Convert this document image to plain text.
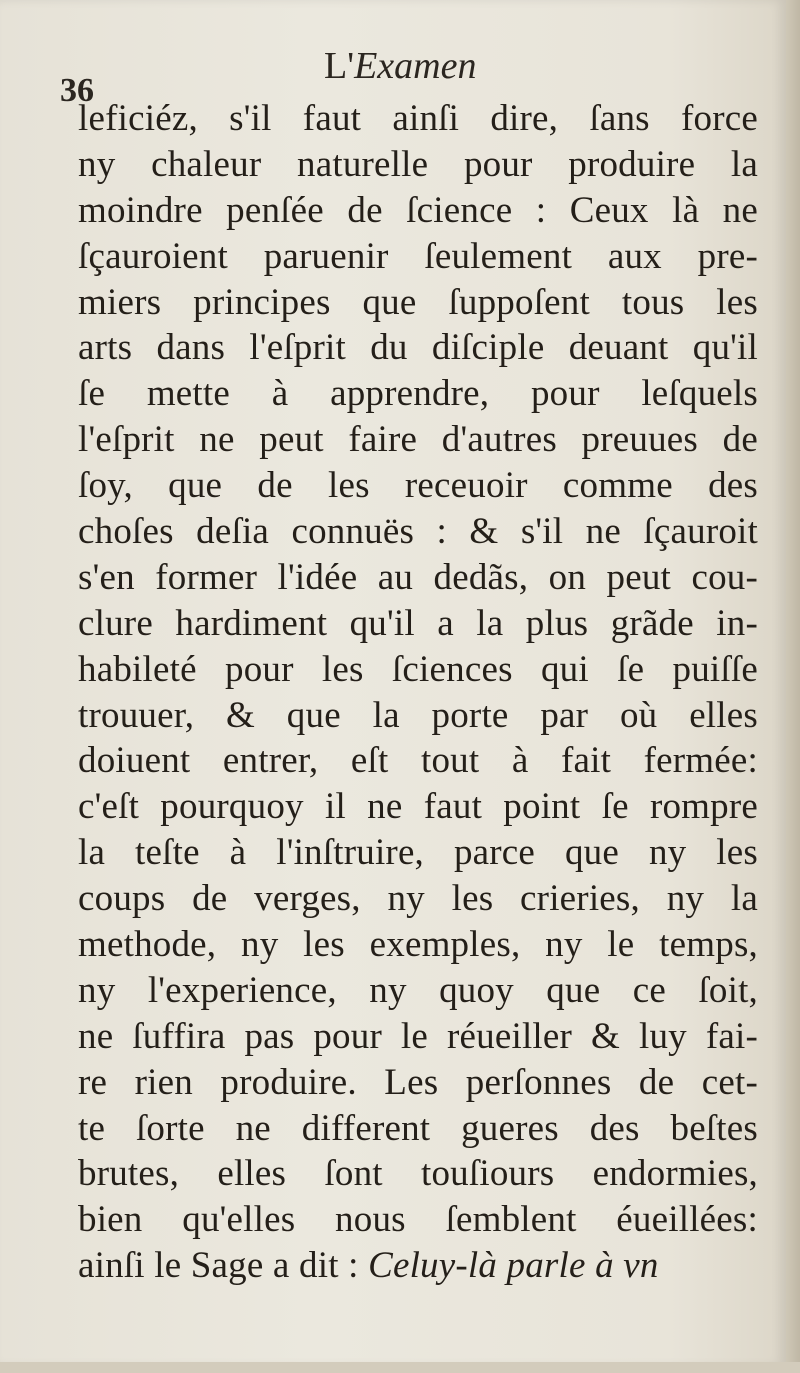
36
L'Examen
leficiéz, s'il faut ainſi dire, ſans force
ny chaleur naturelle pour produire la
moindre penſée de ſcience : Ceux là ne
ſçauroient paruenir ſeulement aux pre-
miers principes que ſuppoſent tous les
arts dans l'eſprit du diſciple deuant qu'il
ſe mette à apprendre, pour leſquels
l'eſprit ne peut faire d'autres preuues de
ſoy, que de les receuoir comme des
choſes deſia connuës : & s'il ne ſçauroit
s'en former l'idée au dedãs, on peut cou-
clure hardiment qu'il a la plus grãde in-
habileté pour les ſciences qui ſe puiſſe
trouuer, & que la porte par où elles
doiuent entrer, eſt tout à fait fermée:
c'eſt pourquoy il ne faut point ſe rompre
la teſte à l'inſtruire, parce que ny les
coups de verges, ny les crieries, ny la
methode, ny les exemples, ny le temps,
ny l'experience, ny quoy que ce ſoit,
ne ſuffira pas pour le réueiller & luy fai-
re rien produire. Les perſonnes de cet-
te ſorte ne different gueres des beſtes
brutes, elles ſont touſiours endormies,
bien qu'elles nous ſemblent éueillées:
ainſi le Sage a dit : Celuy-là parle à vn
